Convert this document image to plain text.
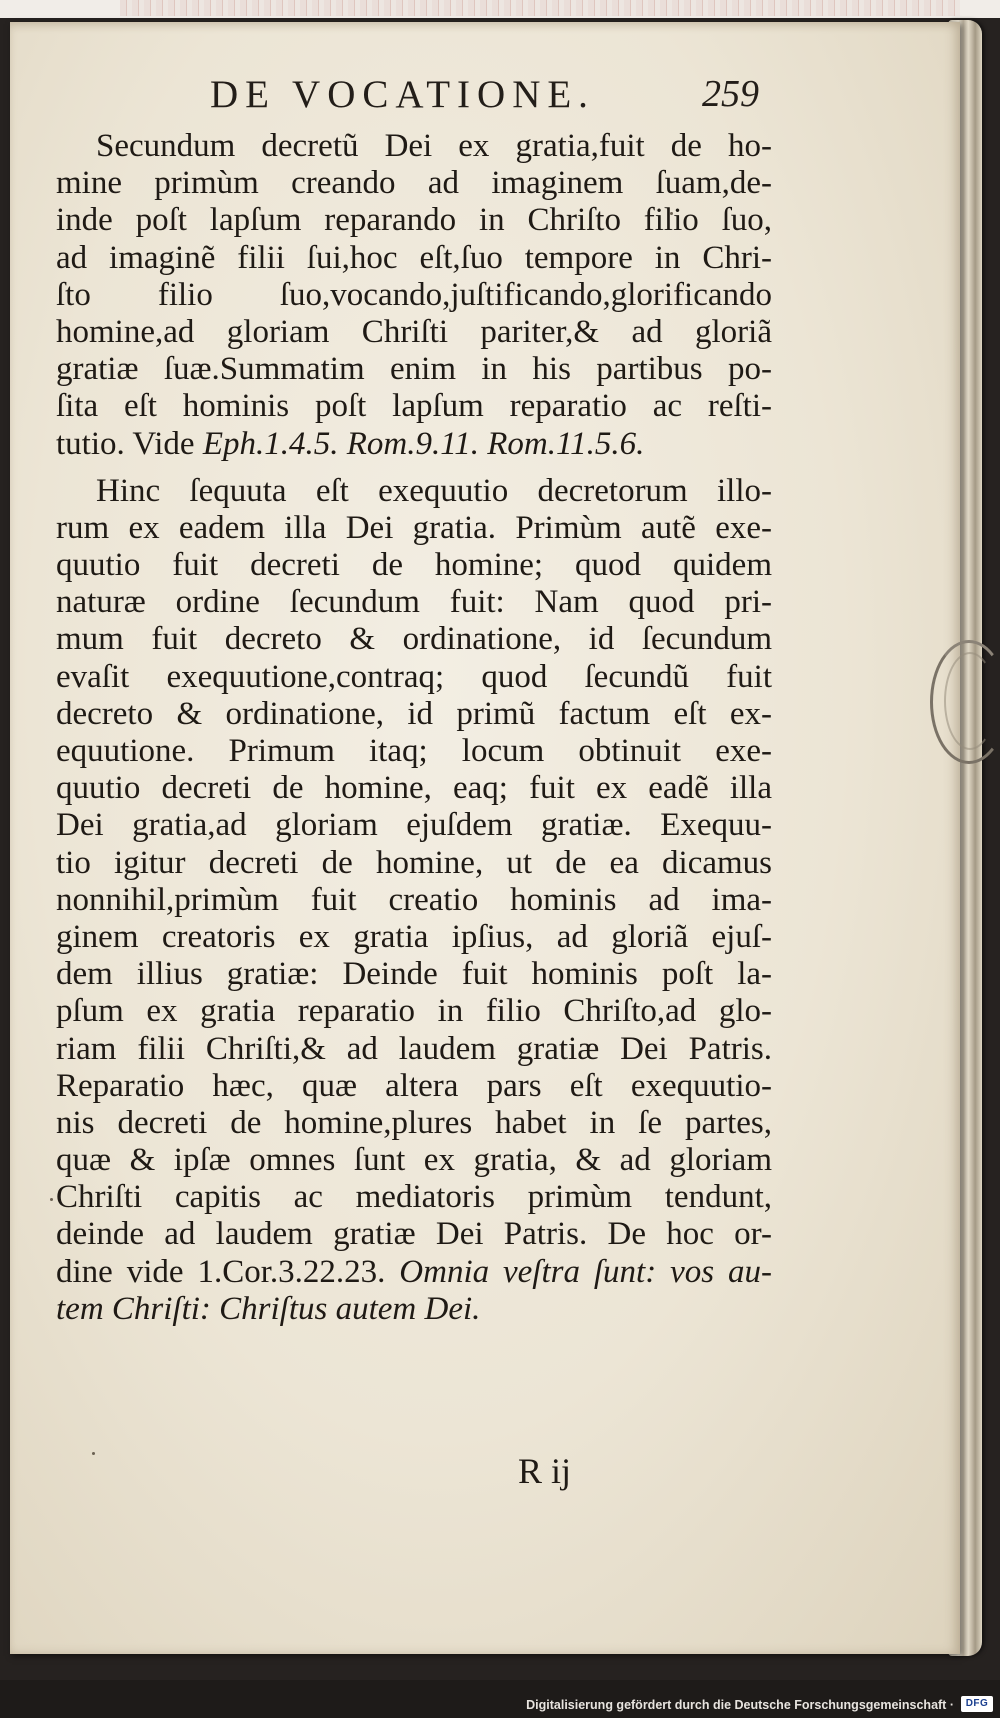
DE VOCATIONE.	259
Secundum decretũ Dei ex gratia,fuit de ho-
mine primùm creando ad imaginem ſuam,de-
inde poſt lapſum reparando in Chriſto filio ſuo,
ad imaginẽ filii ſui,hoc eſt,ſuo tempore in Chri-
ſto filio ſuo,vocando,juſtificando,glorificando
homine,ad gloriam Chriſti pariter,& ad gloriã
gratiæ ſuæ.Summatim enim in his partibus po-
ſita eſt hominis poſt lapſum reparatio ac reſti-
tutio. Vide Eph.1.4.5. Rom.9.11. Rom.11.5.6.
Hinc ſequuta eſt exequutio decretorum illo-
rum ex eadem illa Dei gratia. Primùm autẽ exe-
quutio fuit decreti de homine; quod quidem
naturæ ordine ſecundum fuit: Nam quod pri-
mum fuit decreto & ordinatione, id ſecundum
evaſit exequutione,contraq; quod ſecundũ fuit
decreto & ordinatione, id primũ factum eſt ex-
equutione. Primum itaq; locum obtinuit exe-
quutio decreti de homine, eaq; fuit ex eadẽ illa
Dei gratia,ad gloriam ejuſdem gratiæ. Exequu-
tio igitur decreti de homine, ut de ea dicamus
nonnihil,primùm fuit creatio hominis ad ima-
ginem creatoris ex gratia ipſius, ad gloriã ejuſ-
dem illius gratiæ: Deinde fuit hominis poſt la-
pſum ex gratia reparatio in filio Chriſto,ad glo-
riam filii Chriſti,& ad laudem gratiæ Dei Patris.
Reparatio hæc, quæ altera pars eſt exequutio-
nis decreti de homine,plures habet in ſe partes,
quæ & ipſæ omnes ſunt ex gratia, & ad gloriam
Chriſti capitis ac mediatoris primùm tendunt,
deinde ad laudem gratiæ Dei Patris. De hoc or-
dine vide 1.Cor.3.22.23. Omnia veſtra ſunt: vos au-
tem Chriſti: Chriſtus autem Dei.
R ij
Digitalisierung gefördert durch die Deutsche Forschungsgemeinschaft ·	DFG
